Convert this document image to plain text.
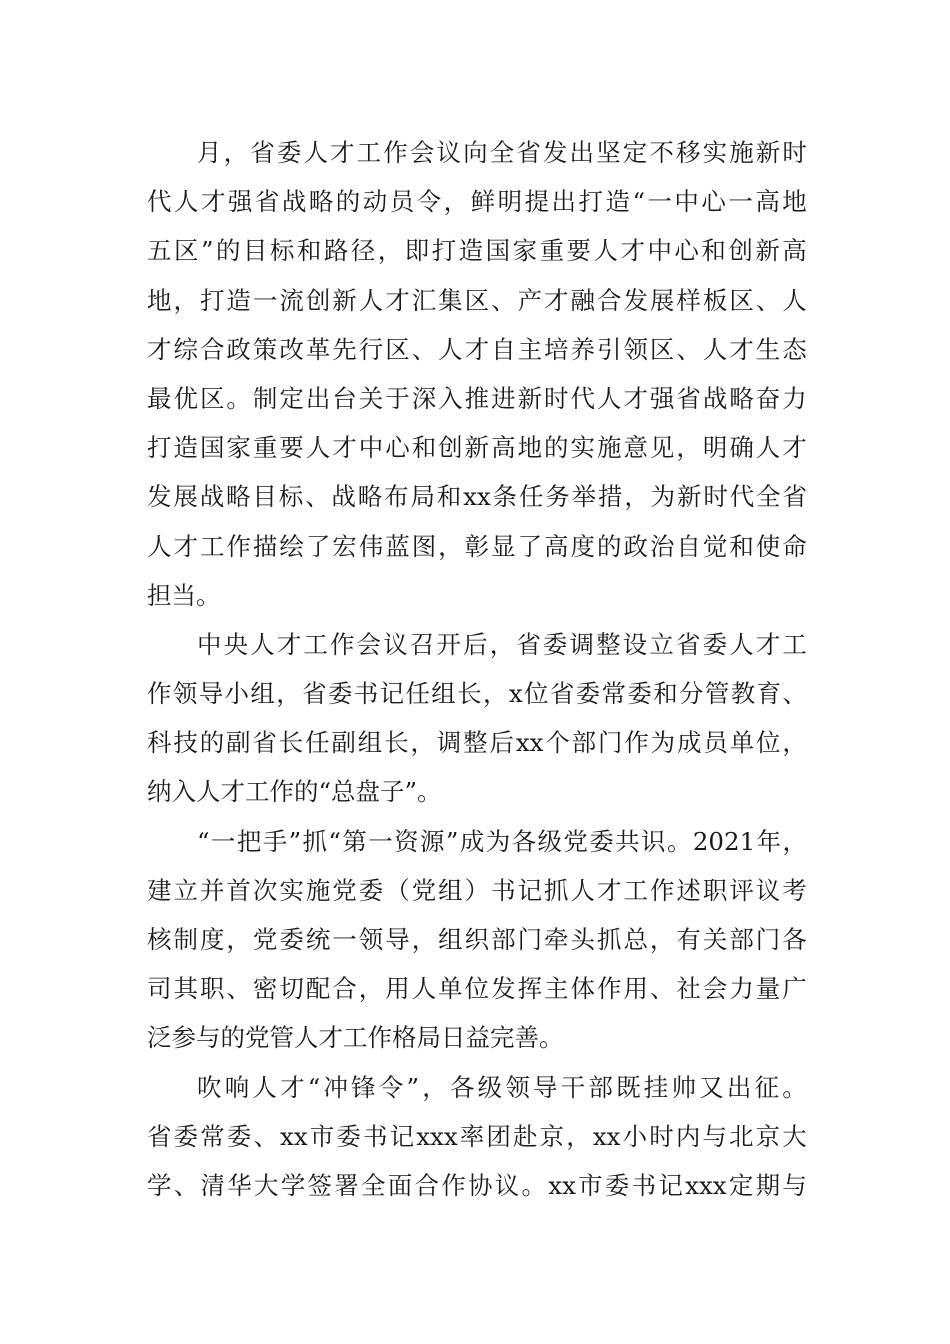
月 ， 省 委 人 才 工 作 会 议 向 全 省 发 出 坚 定 不 移 实 施 新 时
代 人 才 强 省 战 略 的 动 员 令 ， 鲜 明 提 出 打 造 “ 一 中 心 一 高 地
五 区 ” 的 目 标 和 路 径 ， 即 打 造 国 家 重 要 人 才 中 心 和 创 新 高
地 ， 打 造 一 流 创 新 人 才 汇 集 区 、 产 才 融 合 发 展 样 板 区 、 人
才 综 合 政 策 改 革 先 行 区 、 人 才 自 主 培 养 引 领 区 、 人 才 生 态
最 优 区 。 制 定 出 台 关 于 深 入 推 进 新 时 代 人 才 强 省 战 略 奋 力
打 造 国 家 重 要 人 才 中 心 和 创 新 高 地 的 实 施 意 见 ， 明 确 人 才
发 展 战 略 目 标 、 战 略 布 局 和 xx 条 任 务 举 措 ， 为 新 时 代 全 省
人 才 工 作 描 绘 了 宏 伟 蓝 图 ， 彰 显 了 高 度 的 政 治 自 觉 和 使 命
担当。
中 央 人 才 工 作 会 议 召 开 后 ， 省 委 调 整 设 立 省 委 人 才 工
作 领 导 小 组 ， 省 委 书 记 任 组 长 ， x 位 省 委 常 委 和 分 管 教 育 、
科 技 的 副 省 长 任 副 组 长 ， 调 整 后 xx 个 部 门 作 为 成 员 单 位 ，
纳入人才工作的“总盘子”。
“ 一 把 手 ” 抓 “ 第 一 资 源 ” 成 为 各 级 党 委 共 识 。 2021 年 ，
建 立 并 首 次 实 施 党 委 （ 党 组 ） 书 记 抓 人 才 工 作 述 职 评 议 考
核 制 度 ， 党 委 统 一 领 导 ， 组 织 部 门 牵 头 抓 总 ， 有 关 部 门 各
司 其 职 、 密 切 配 合 ， 用 人 单 位 发 挥 主 体 作 用 、 社 会 力 量 广
泛参与的党管人才工作格局日益完善。
吹 响 人 才 “ 冲 锋 令 ” ， 各 级 领 导 干 部 既 挂 帅 又 出 征 。
省 委 常 委 、 xx 市 委 书 记 xxx 率 团 赴 京 ， xx 小 时 内 与 北 京 大
学 、 清 华 大 学 签 署 全 面 合 作 协 议 。 xx 市 委 书 记 xxx 定 期 与
